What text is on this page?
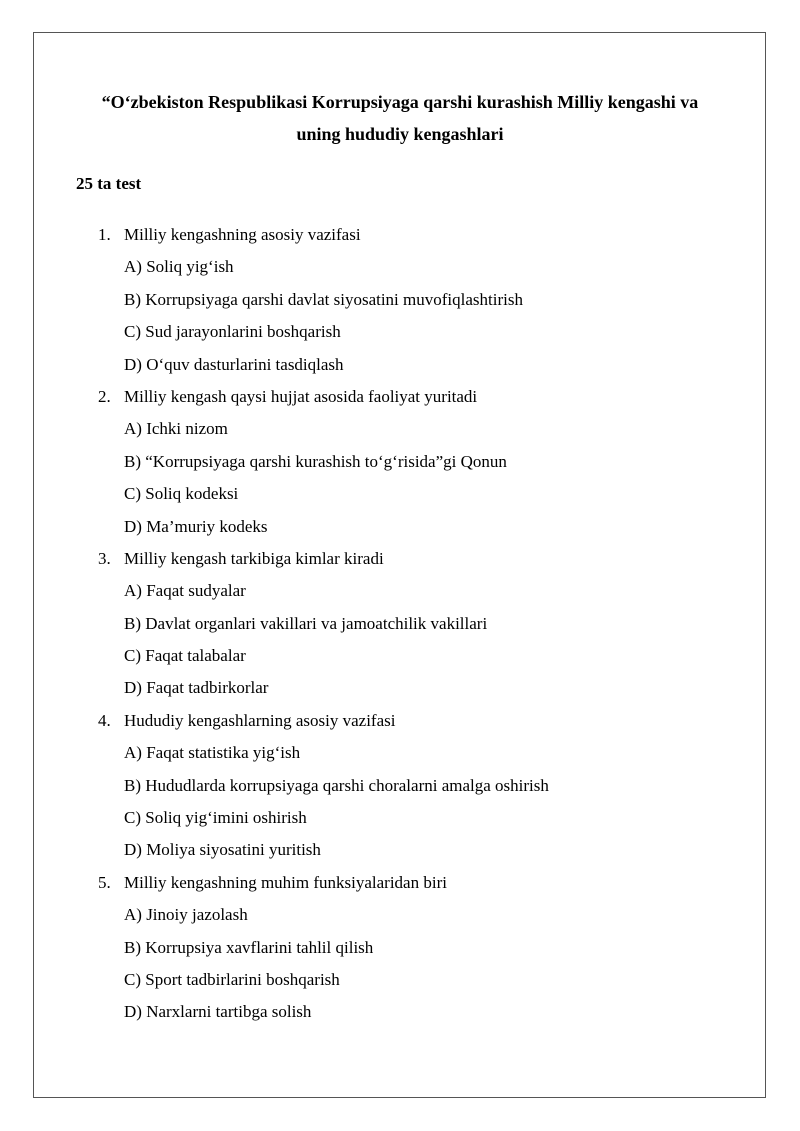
“O‘zbekiston Respublikasi Korrupsiyaga qarshi kurashish Milliy kengashi va
uning hududiy kengashlari
25 ta test
1. Milliy kengashning asosiy vazifasi
A) Soliq yig‘ish
B) Korrupsiyaga qarshi davlat siyosatini muvofiqlashtirish
C) Sud jarayonlarini boshqarish
D) O‘quv dasturlarini tasdiqlash
2. Milliy kengash qaysi hujjat asosida faoliyat yuritadi
A) Ichki nizom
B) “Korrupsiyaga qarshi kurashish to‘g‘risida”gi Qonun
C) Soliq kodeksi
D) Ma’muriy kodeks
3. Milliy kengash tarkibiga kimlar kiradi
A) Faqat sudyalar
B) Davlat organlari vakillari va jamoatchilik vakillari
C) Faqat talabalar
D) Faqat tadbirkorlar
4. Hududiy kengashlarning asosiy vazifasi
A) Faqat statistika yig‘ish
B) Hududlarda korrupsiyaga qarshi choralarni amalga oshirish
C) Soliq yig‘imini oshirish
D) Moliya siyosatini yuritish
5. Milliy kengashning muhim funksiyalaridan biri
A) Jinoiy jazolash
B) Korrupsiya xavflarini tahlil qilish
C) Sport tadbirlarini boshqarish
D) Narxlarni tartibga solish
